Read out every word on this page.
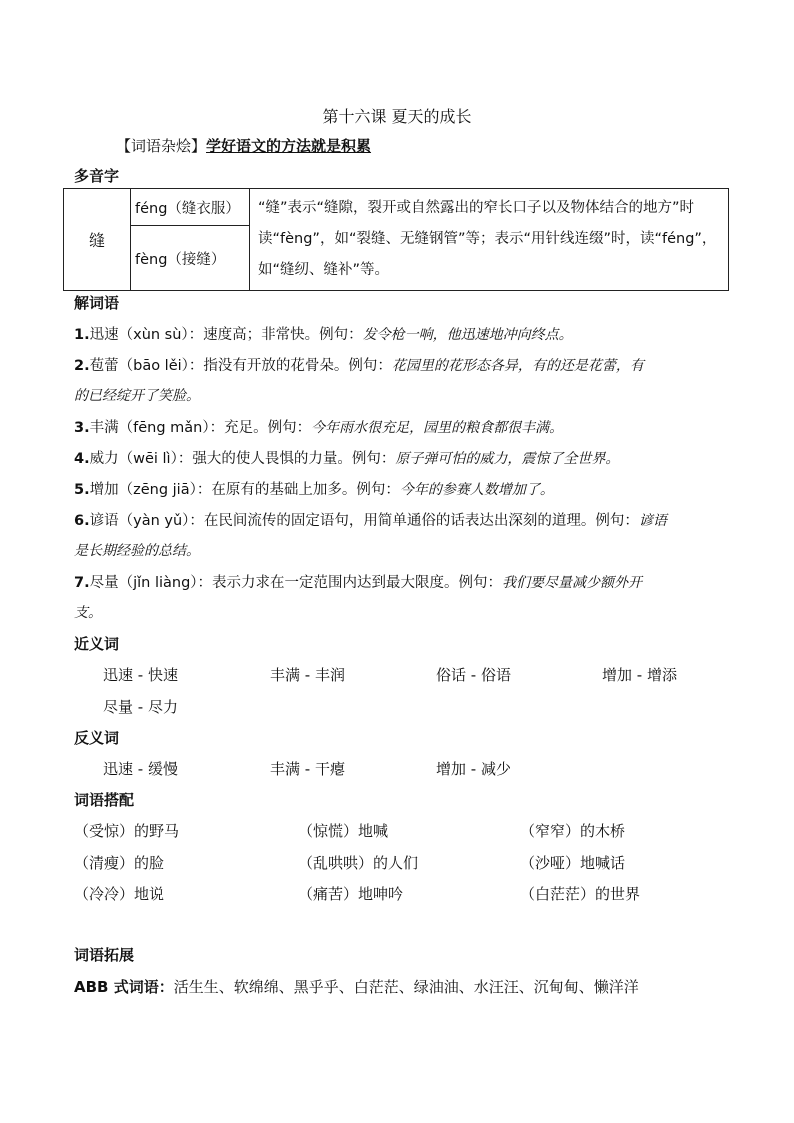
第十六课 夏天的成长
【词语杂烩】学好语文的方法就是积累
多音字
缝	féng（缝衣服）	“缝”表示“缝隙，裂开或自然露出的窄长口子以及物体结合的地方”时读“fèng”，如“裂缝、无缝钢管”等；表示“用针线连缀”时，读“féng”，如“缝纫、缝补”等。
fèng（接缝）
解词语
1.迅速（xùn sù）：速度高；非常快。例句：发令枪一响，他迅速地冲向终点。
2.苞蕾（bāo lěi）：指没有开放的花骨朵。例句：花园里的花形态各异，有的还是花蕾，有
的已经绽开了笑脸。
3.丰满（fēng mǎn）：充足。例句：今年雨水很充足，园里的粮食都很丰满。
4.威力（wēi lì）：强大的使人畏惧的力量。例句：原子弹可怕的威力，震惊了全世界。
5.增加（zēng jiā）：在原有的基础上加多。例句：今年的参赛人数增加了。
6.谚语（yàn yǔ）：在民间流传的固定语句，用简单通俗的话表达出深刻的道理。例句：谚语
是长期经验的总结。
7.尽量（jǐn liàng）：表示力求在一定范围内达到最大限度。例句：我们要尽量减少额外开
支。
近义词
迅速 - 快速	丰满 - 丰润	俗话 - 俗语	增加 - 增添
尽量 - 尽力
反义词
迅速 - 缓慢	丰满 - 干瘪	增加 - 减少
词语搭配
（受惊）的野马	（惊慌）地喊	（窄窄）的木桥
（清瘦）的脸	（乱哄哄）的人们	（沙哑）地喊话
（冷冷）地说	（痛苦）地呻吟	（白茫茫）的世界
词语拓展
ABB 式词语：活生生、软绵绵、黑乎乎、白茫茫、绿油油、水汪汪、沉甸甸、懒洋洋
